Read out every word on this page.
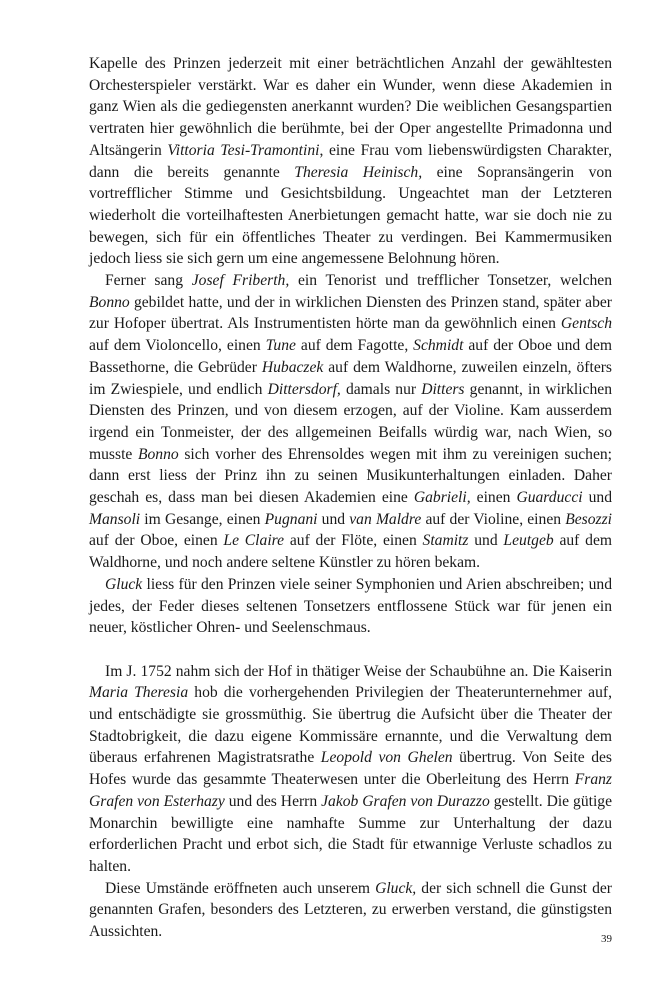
Kapelle des Prinzen jederzeit mit einer beträchtlichen Anzahl der gewähltesten Orchesterspieler verstärkt. War es daher ein Wunder, wenn diese Akademien in ganz Wien als die gediegensten anerkannt wurden? Die weiblichen Gesangspartien vertraten hier gewöhnlich die berühmte, bei der Oper angestellte Primadonna und Altsängerin Vittoria Tesi-Tramontini, eine Frau vom liebenswürdigsten Charakter, dann die bereits genannte Theresia Heinisch, eine Sopransängerin von vortrefflicher Stimme und Gesichtsbildung. Ungeachtet man der Letzteren wiederholt die vorteilhaftesten Anerbietungen gemacht hatte, war sie doch nie zu bewegen, sich für ein öffentliches Theater zu verdingen. Bei Kammermusiken jedoch liess sie sich gern um eine angemessene Belohnung hören.

Ferner sang Josef Friberth, ein Tenorist und trefflicher Tonsetzer, welchen Bonno gebildet hatte, und der in wirklichen Diensten des Prinzen stand, später aber zur Hofoper übertrat. Als Instrumentisten hörte man da gewöhnlich einen Gentsch auf dem Violoncello, einen Tune auf dem Fagotte, Schmidt auf der Oboe und dem Bassethorne, die Gebrüder Hubaczek auf dem Waldhorne, zuweilen einzeln, öfters im Zwiespiele, und endlich Dittersdorf, damals nur Ditters genannt, in wirklichen Diensten des Prinzen, und von diesem erzogen, auf der Violine. Kam ausserdem irgend ein Tonmeister, der des allgemeinen Beifalls würdig war, nach Wien, so musste Bonno sich vorher des Ehrensoldes wegen mit ihm zu vereinigen suchen; dann erst liess der Prinz ihn zu seinen Musikunterhaltungen einladen. Daher geschah es, dass man bei diesen Akademien eine Gabrieli, einen Guarducci und Mansoli im Gesange, einen Pugnani und van Maldre auf der Violine, einen Besozzi auf der Oboe, einen Le Claire auf der Flöte, einen Stamitz und Leutgeb auf dem Waldhorne, und noch andere seltene Künstler zu hören bekam.

Gluck liess für den Prinzen viele seiner Symphonien und Arien abschreiben; und jedes, der Feder dieses seltenen Tonsetzers entflossene Stück war für jenen ein neuer, köstlicher Ohren- und Seelenschmaus.

Im J. 1752 nahm sich der Hof in thätiger Weise der Schaubühne an. Die Kaiserin Maria Theresia hob die vorhergehenden Privilegien der Theaterunternehmer auf, und entschädigte sie grossmüthig. Sie übertrug die Aufsicht über die Theater der Stadtobrigkeit, die dazu eigene Kommissäre ernannte, und die Verwaltung dem überaus erfahrenen Magistratsrathe Leopold von Ghelen übertrug. Von Seite des Hofes wurde das gesammte Theaterwesen unter die Oberleitung des Herrn Franz Grafen von Esterhazy und des Herrn Jakob Grafen von Durazzo gestellt. Die gütige Monarchin bewilligte eine namhafte Summe zur Unterhaltung der dazu erforderlichen Pracht und erbot sich, die Stadt für etwannige Verluste schadlos zu halten.

Diese Umstände eröffneten auch unserem Gluck, der sich schnell die Gunst der genannten Grafen, besonders des Letzteren, zu erwerben verstand, die günstigsten Aussichten.	39
